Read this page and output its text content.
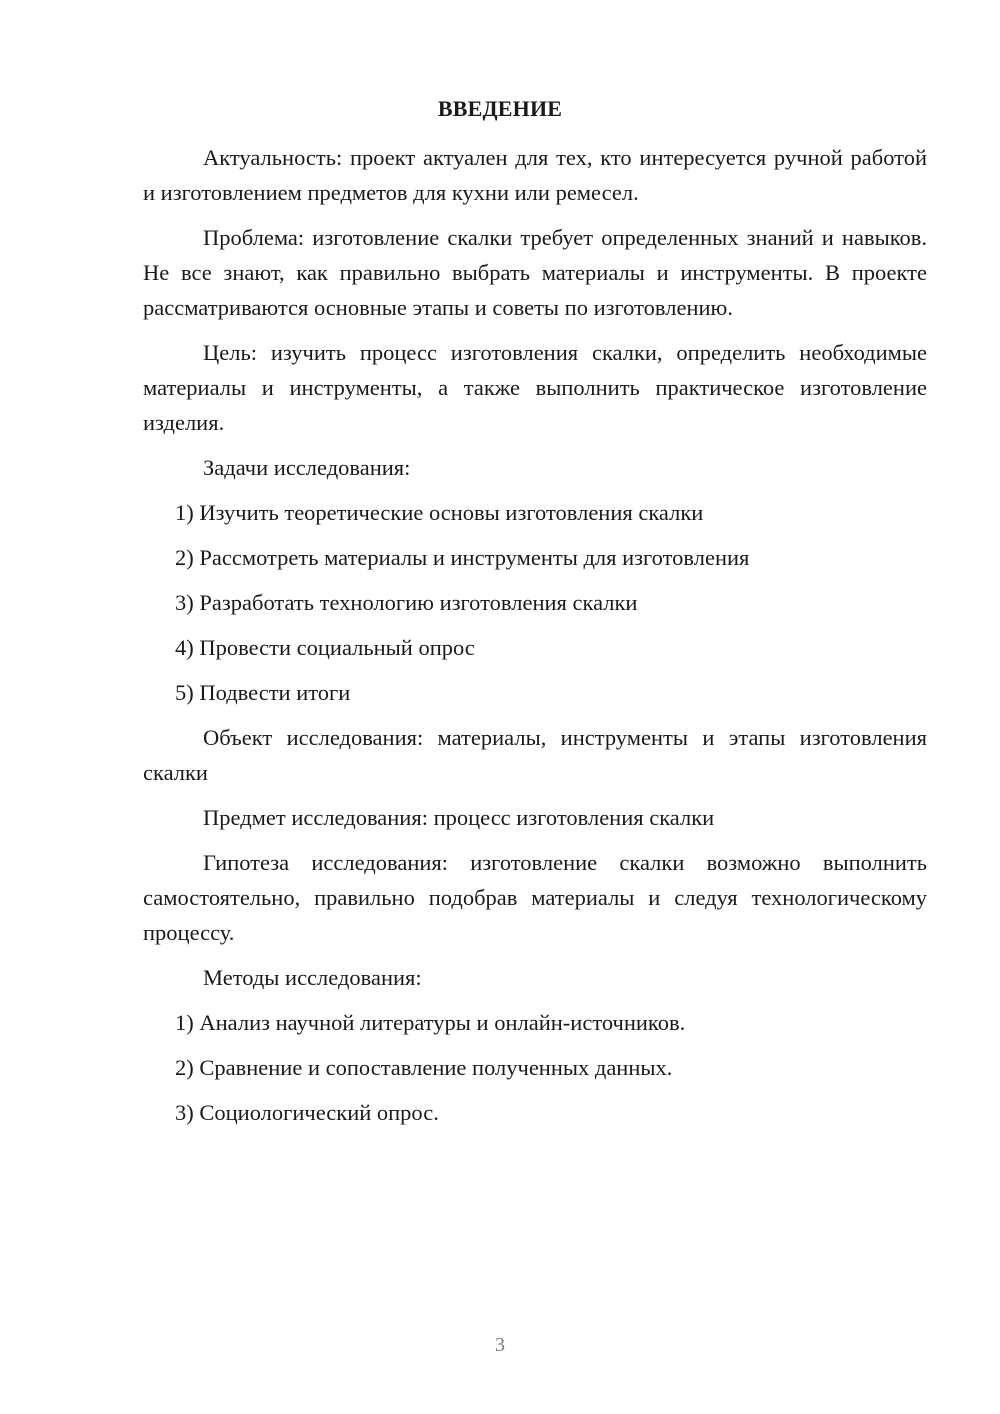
ВВЕДЕНИЕ

Актуальность: проект актуален для тех, кто интересуется ручной работой и изготовлением предметов для кухни или ремесел.

Проблема: изготовление скалки требует определенных знаний и навыков. Не все знают, как правильно выбрать материалы и инструменты. В проекте рассматриваются основные этапы и советы по изготовлению.

Цель: изучить процесс изготовления скалки, определить необходимые материалы и инструменты, а также выполнить практическое изготовление изделия.

Задачи исследования:

1) Изучить теоретические основы изготовления скалки
2) Рассмотреть материалы и инструменты для изготовления
3) Разработать технологию изготовления скалки
4) Провести социальный опрос
5) Подвести итоги

Объект исследования: материалы, инструменты и этапы изготовления скалки

Предмет исследования: процесс изготовления скалки

Гипотеза исследования: изготовление скалки возможно выполнить самостоятельно, правильно подобрав материалы и следуя технологическому процессу.

Методы исследования:

1) Анализ научной литературы и онлайн-источников.
2) Сравнение и сопоставление полученных данных.
3) Социологический опрос.
3
